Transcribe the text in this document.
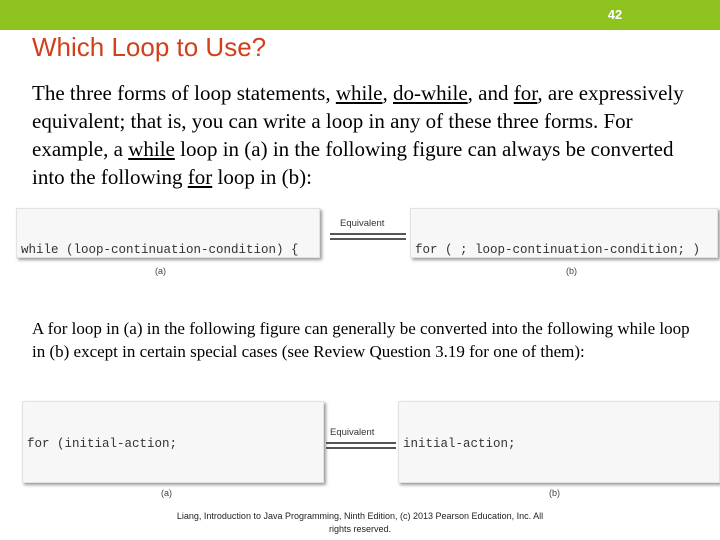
42
Which Loop to Use?

The three forms of loop statements, while, do-while, and for, are expressively equivalent; that is, you can write a loop in any of these three forms. For example, a while loop in (a) in the following figure can always be converted into the following for loop in (b):

while (loop-continuation-condition) {

Equivalent

for ( ; loop-continuation-condition; )

(a)	(b)

A for loop in (a) in the following figure can generally be converted into the following while loop in (b) except in certain special cases (see Review Question 3.19 for one of them):

for (initial-action;

Equivalent

initial-action;

(a)	(b)
Liang, Introduction to Java Programming, Ninth Edition, (c) 2013 Pearson Education, Inc. All
rights reserved.
